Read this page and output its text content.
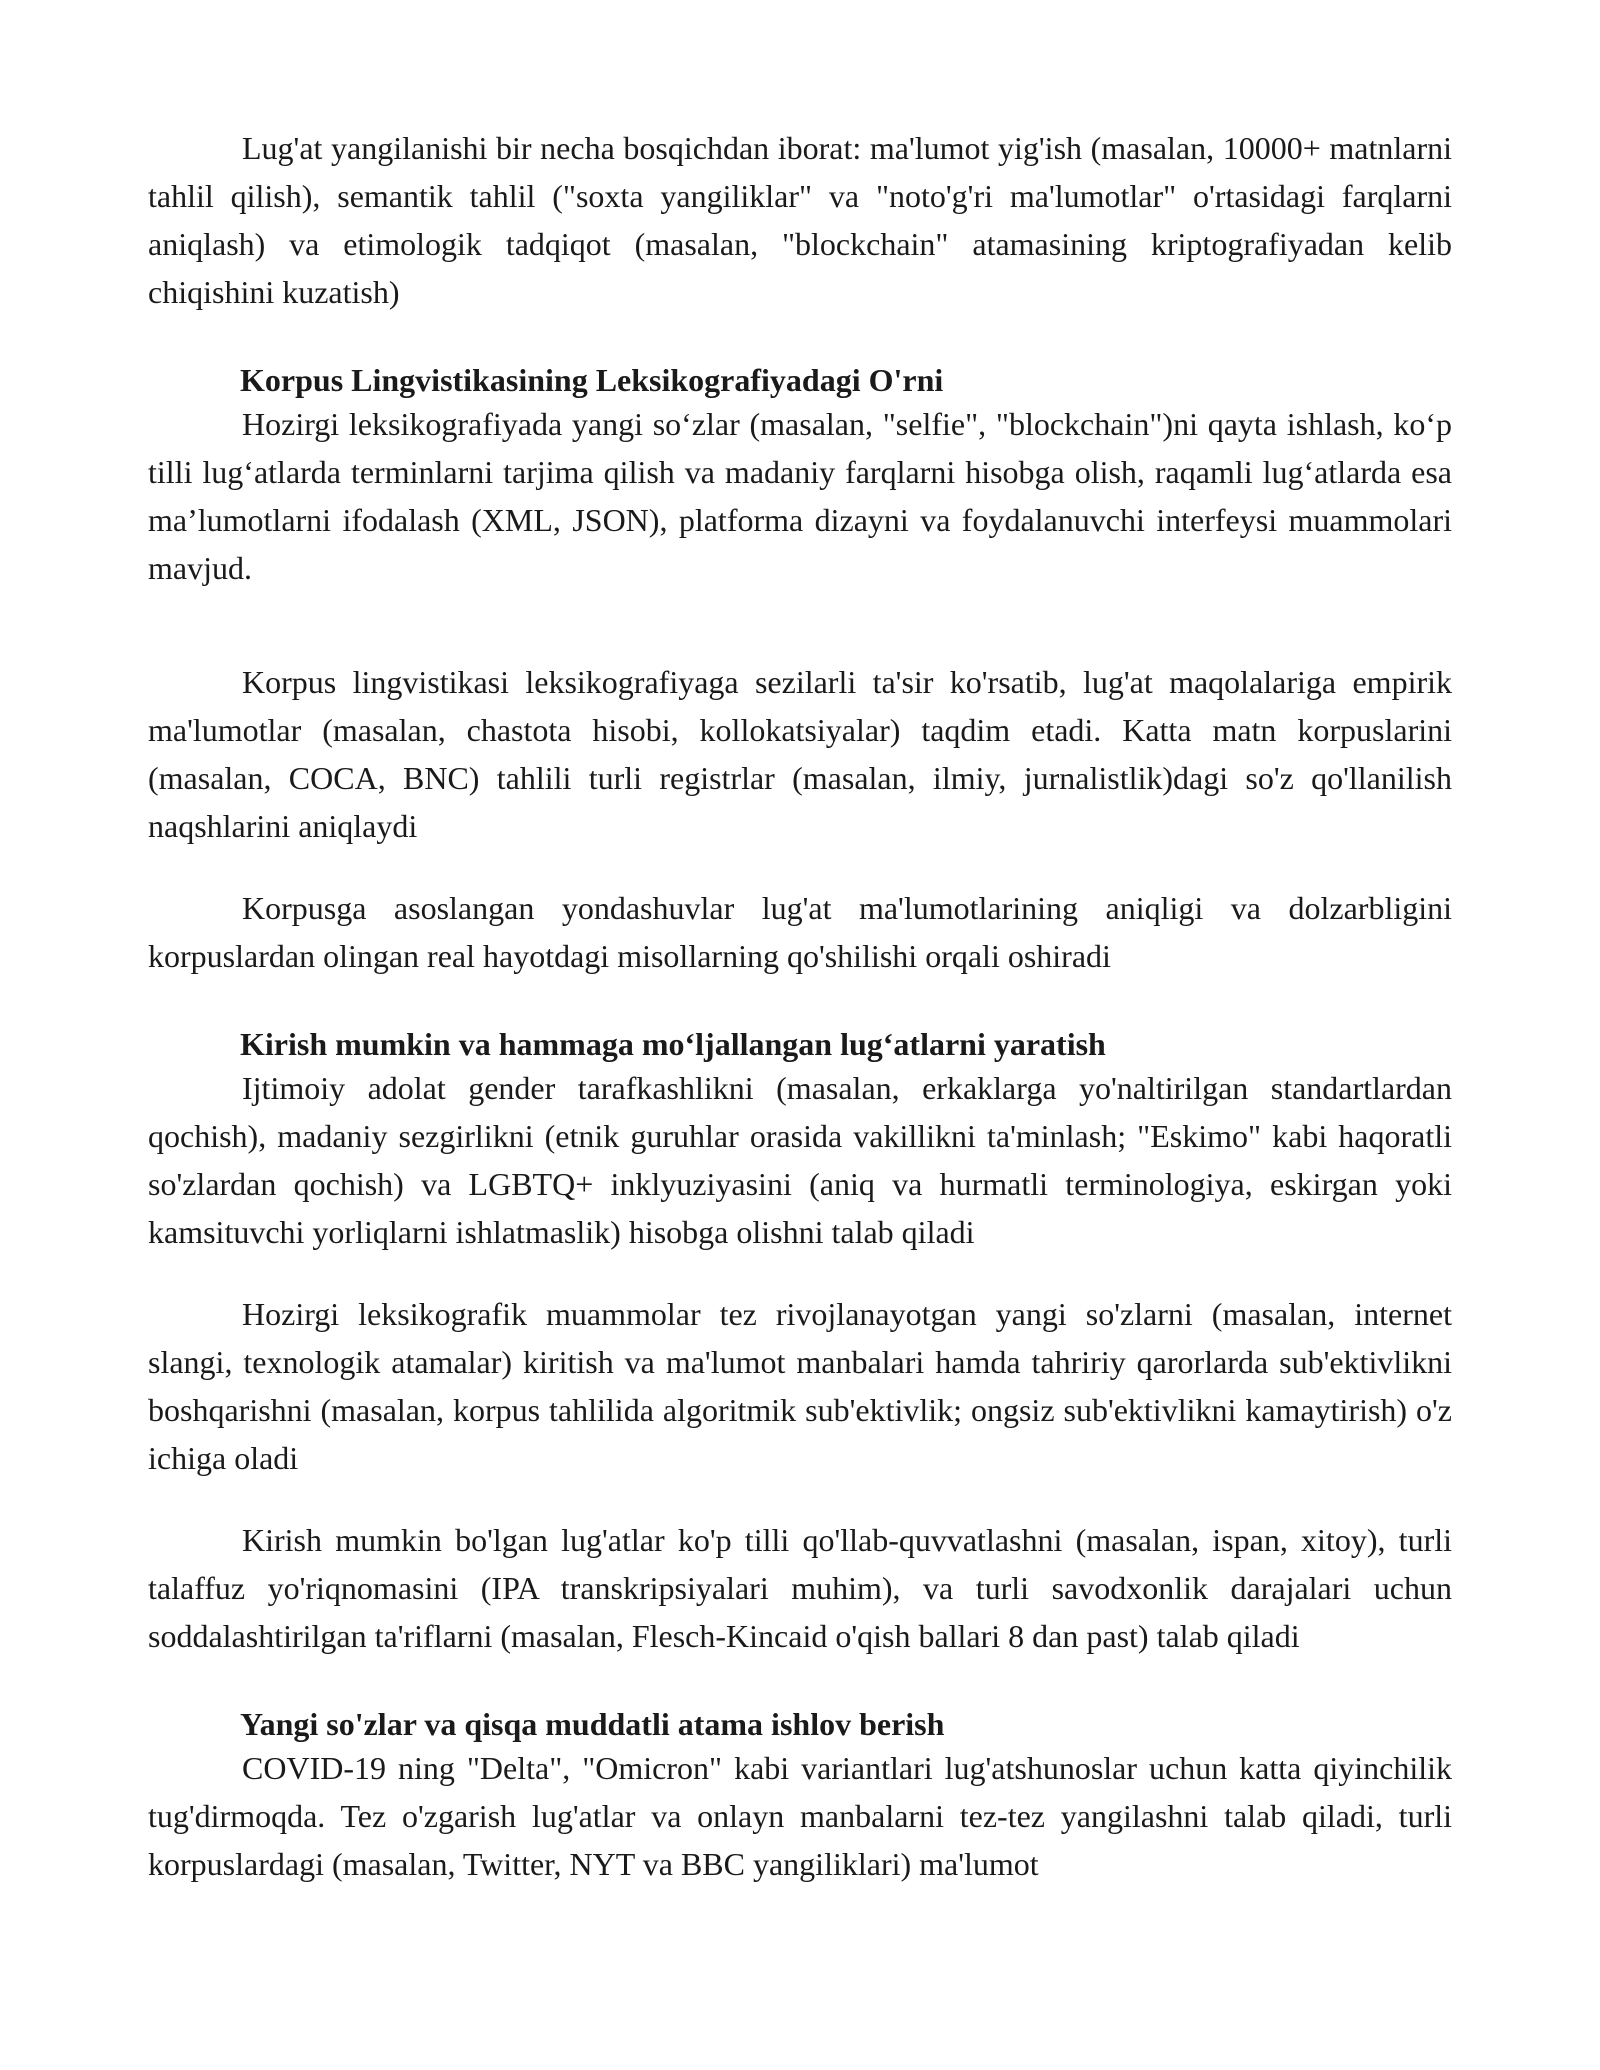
Lug'at yangilanishi bir necha bosqichdan iborat: ma'lumot yig'ish (masalan, 10000+ matnlarni tahlil qilish), semantik tahlil ("soxta yangiliklar" va "noto'g'ri ma'lumotlar" o'rtasidagi farqlarni aniqlash) va etimologik tadqiqot (masalan, "blockchain" atamasining kriptografiyadan kelib chiqishini kuzatish)

Korpus Lingvistikasining Leksikografiyadagi O'rni

Hozirgi leksikografiyada yangi so‘zlar (masalan, "selfie", "blockchain")ni qayta ishlash, ko‘p tilli lug‘atlarda terminlarni tarjima qilish va madaniy farqlarni hisobga olish, raqamli lug‘atlarda esa ma’lumotlarni ifodalash (XML, JSON), platforma dizayni va foydalanuvchi interfeysi muammolari mavjud.

Korpus lingvistikasi leksikografiyaga sezilarli ta'sir ko'rsatib, lug'at maqolalariga empirik ma'lumotlar (masalan, chastota hisobi, kollokatsiyalar) taqdim etadi. Katta matn korpuslarini (masalan, COCA, BNC) tahlili turli registrlar (masalan, ilmiy, jurnalistlik)dagi so'z qo'llanilish naqshlarini aniqlaydi

Korpusga asoslangan yondashuvlar lug'at ma'lumotlarining aniqligi va dolzarbligini korpuslardan olingan real hayotdagi misollarning qo'shilishi orqali oshiradi

Kirish mumkin va hammaga mo‘ljallangan lug‘atlarni yaratish

Ijtimoiy adolat gender tarafkashlikni (masalan, erkaklarga yo'naltirilgan standartlardan qochish), madaniy sezgirlikni (etnik guruhlar orasida vakillikni ta'minlash; "Eskimo" kabi haqoratli so'zlardan qochish) va LGBTQ+ inklyuziyasini (aniq va hurmatli terminologiya, eskirgan yoki kamsituvchi yorliqlarni ishlatmaslik) hisobga olishni talab qiladi

Hozirgi leksikografik muammolar tez rivojlanayotgan yangi so'zlarni (masalan, internet slangi, texnologik atamalar) kiritish va ma'lumot manbalari hamda tahririy qarorlarda sub'ektivlikni boshqarishni (masalan, korpus tahlilida algoritmik sub'ektivlik; ongsiz sub'ektivlikni kamaytirish) o'z ichiga oladi

Kirish mumkin bo'lgan lug'atlar ko'p tilli qo'llab-quvvatlashni (masalan, ispan, xitoy), turli talaffuz yo'riqnomasini (IPA transkripsiyalari muhim), va turli savodxonlik darajalari uchun soddalashtirilgan ta'riflarni (masalan, Flesch-Kincaid o'qish ballari 8 dan past) talab qiladi

Yangi so'zlar va qisqa muddatli atama ishlov berish

COVID-19 ning "Delta", "Omicron" kabi variantlari lug'atshunoslar uchun katta qiyinchilik tug'dirmoqda. Tez o'zgarish lug'atlar va onlayn manbalarni tez-tez yangilashni talab qiladi, turli korpuslardagi (masalan, Twitter, NYT va BBC yangiliklari) ma'lumot
